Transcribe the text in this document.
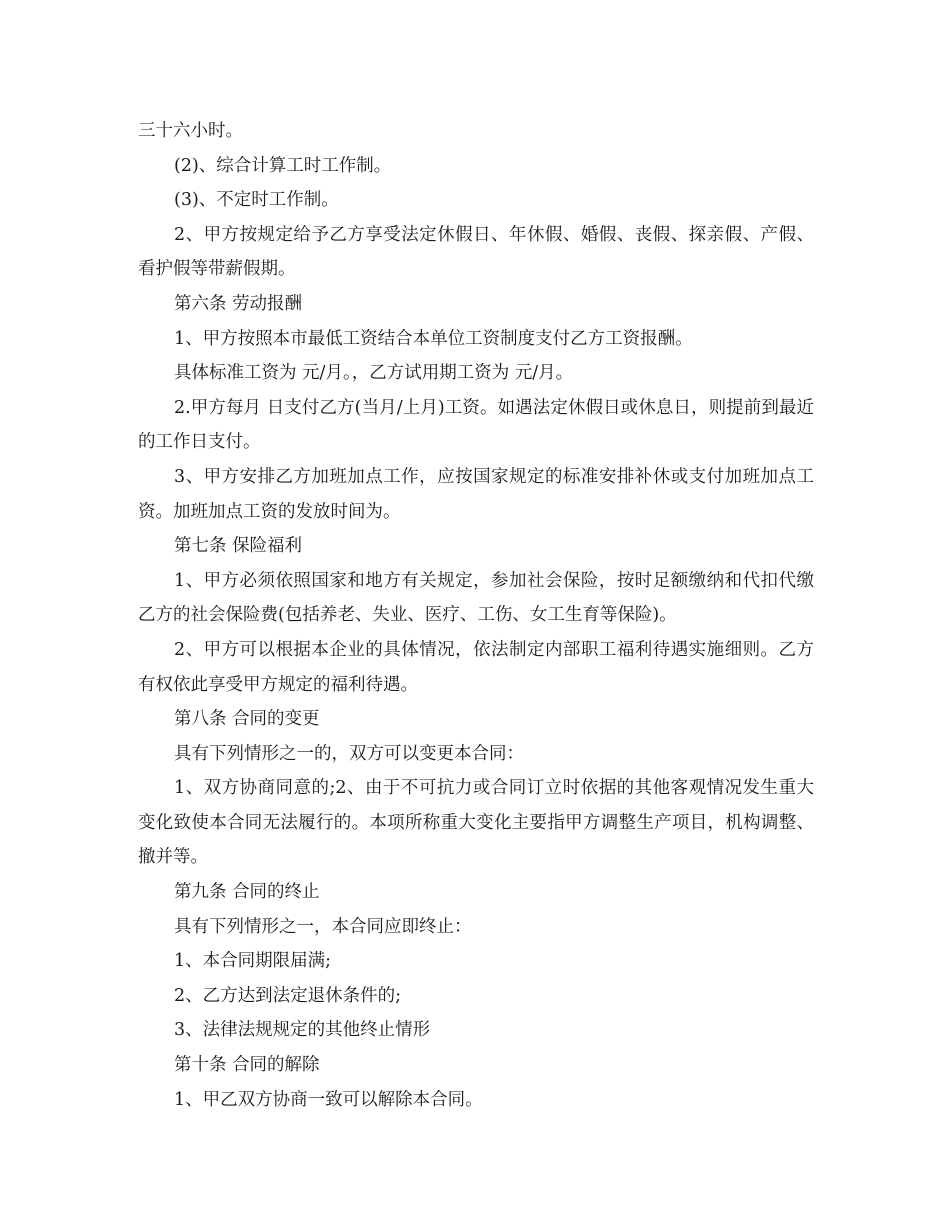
三十六小时。

(2)、综合计算工时工作制。

(3)、不定时工作制。

2、甲方按规定给予乙方享受法定休假日、年休假、婚假、丧假、探亲假、产假、看护假等带薪假期。

第六条 劳动报酬

1、甲方按照本市最低工资结合本单位工资制度支付乙方工资报酬。

具体标准工资为 元/月。，乙方试用期工资为 元/月。

2.甲方每月 日支付乙方(当月/上月)工资。如遇法定休假日或休息日，则提前到最近的工作日支付。

3、甲方安排乙方加班加点工作，应按国家规定的标准安排补休或支付加班加点工资。加班加点工资的发放时间为。

第七条 保险福利

1、甲方必须依照国家和地方有关规定，参加社会保险，按时足额缴纳和代扣代缴乙方的社会保险费(包括养老、失业、医疗、工伤、女工生育等保险)。

2、甲方可以根据本企业的具体情况，依法制定内部职工福利待遇实施细则。乙方有权依此享受甲方规定的福利待遇。

第八条 合同的变更

具有下列情形之一的，双方可以变更本合同：

1、双方协商同意的;2、由于不可抗力或合同订立时依据的其他客观情况发生重大变化致使本合同无法履行的。本项所称重大变化主要指甲方调整生产项目，机构调整、撤并等。

第九条 合同的终止

具有下列情形之一，本合同应即终止：

1、本合同期限届满;

2、乙方达到法定退休条件的;

3、法律法规规定的其他终止情形

第十条 合同的解除

1、甲乙双方协商一致可以解除本合同。
